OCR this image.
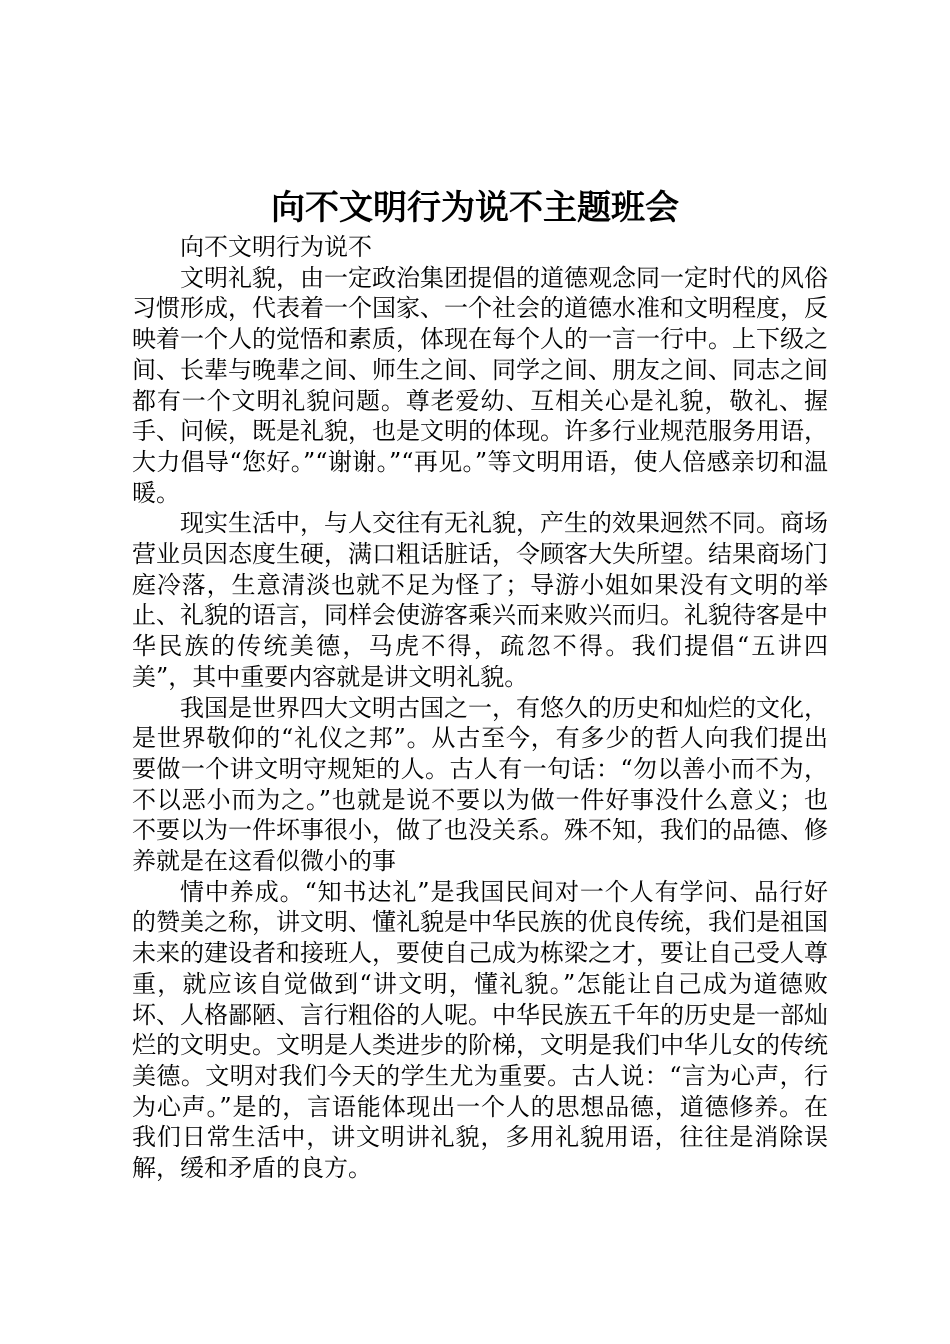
向不文明行为说不主题班会

向不文明行为说不

文明礼貌，由一定政治集团提倡的道德观念同一定时代的风俗习惯形成，代表着一个国家、一个社会的道德水准和文明程度，反映着一个人的觉悟和素质，体现在每个人的一言一行中。上下级之间、长辈与晚辈之间、师生之间、同学之间、朋友之间、同志之间都有一个文明礼貌问题。尊老爱幼、互相关心是礼貌，敬礼、握手、问候，既是礼貌，也是文明的体现。许多行业规范服务用语，大力倡导“您好。”“谢谢。”“再见。”等文明用语，使人倍感亲切和温暖。

现实生活中，与人交往有无礼貌，产生的效果迥然不同。商场营业员因态度生硬，满口粗话脏话，令顾客大失所望。结果商场门庭冷落，生意清淡也就不足为怪了；导游小姐如果没有文明的举止、礼貌的语言，同样会使游客乘兴而来败兴而归。礼貌待客是中华民族的传统美德，马虎不得，疏忽不得。我们提倡“五讲四美”，其中重要内容就是讲文明礼貌。

我国是世界四大文明古国之一，有悠久的历史和灿烂的文化，是世界敬仰的“礼仪之邦”。从古至今，有多少的哲人向我们提出要做一个讲文明守规矩的人。古人有一句话：“勿以善小而不为，不以恶小而为之。”也就是说不要以为做一件好事没什么意义；也不要以为一件坏事很小，做了也没关系。殊不知，我们的品德、修养就是在这看似微小的事

情中养成。“知书达礼”是我国民间对一个人有学问、品行好的赞美之称，讲文明、懂礼貌是中华民族的优良传统，我们是祖国未来的建设者和接班人，要使自己成为栋梁之才，要让自己受人尊重，就应该自觉做到“讲文明，懂礼貌。”怎能让自己成为道德败坏、人格鄙陋、言行粗俗的人呢。中华民族五千年的历史是一部灿烂的文明史。文明是人类进步的阶梯，文明是我们中华儿女的传统美德。文明对我们今天的学生尤为重要。古人说：“言为心声，行为心声。”是的，言语能体现出一个人的思想品德，道德修养。在我们日常生活中，讲文明讲礼貌，多用礼貌用语，往往是消除误解，缓和矛盾的良方。
